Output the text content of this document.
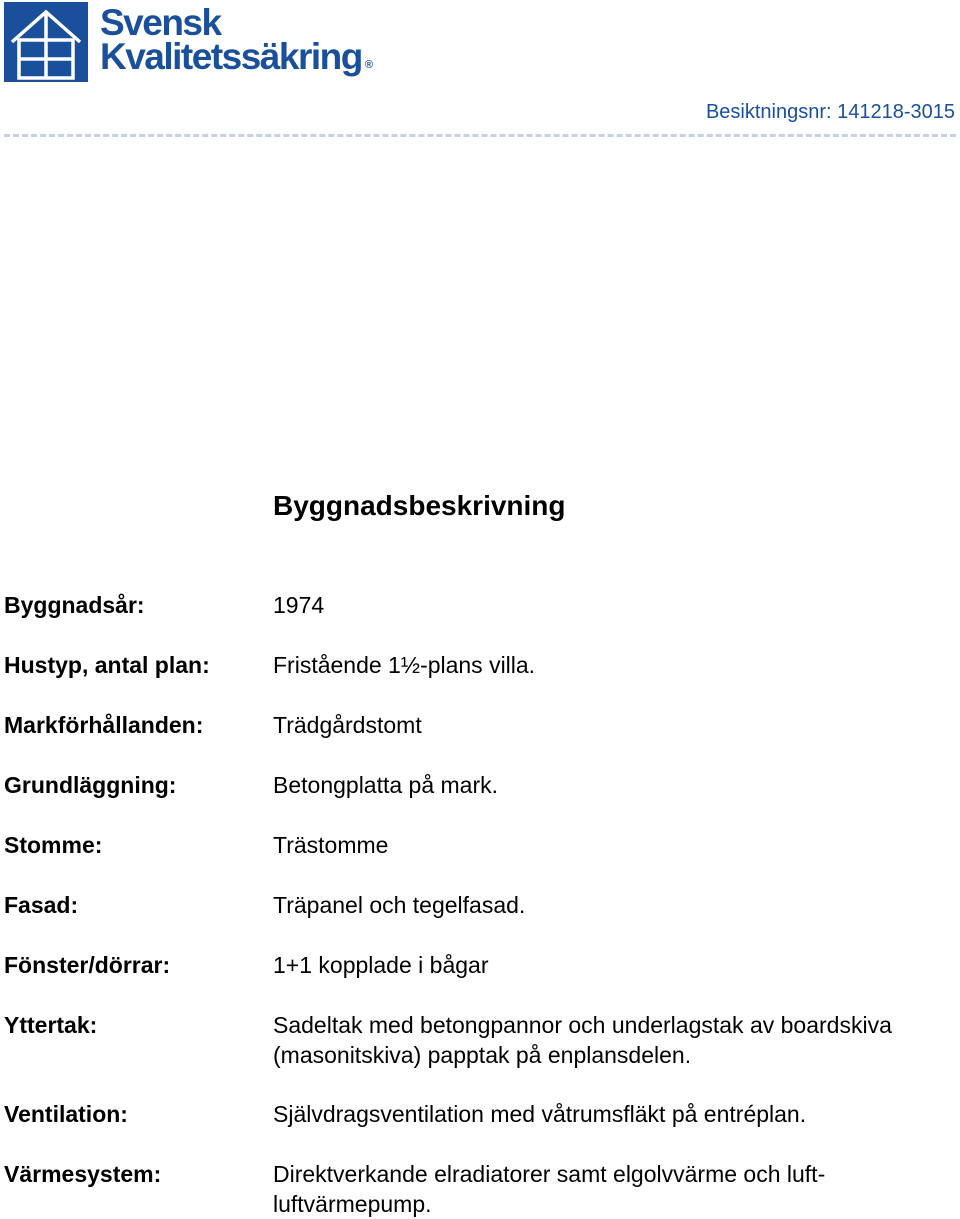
Svensk
Kvalitetssäkring ®
Besiktningsnr: 141218-3015
Byggnadsbeskrivning
Byggnadsår:	1974
Hustyp, antal plan:	Fristående 1½-plans villa.
Markförhållanden:	Trädgårdstomt
Grundläggning:	Betongplatta på mark.
Stomme:	Trästomme
Fasad:	Träpanel och tegelfasad.
Fönster/dörrar:	1+1 kopplade i bågar
Yttertak:	Sadeltak med betongpannor och underlagstak av boardskiva (masonitskiva) papptak på enplansdelen.
Ventilation:	Självdragsventilation med våtrumsfläkt på entréplan.
Värmesystem:	Direktverkande elradiatorer samt elgolvvärme och luft-luftvärmepump.
